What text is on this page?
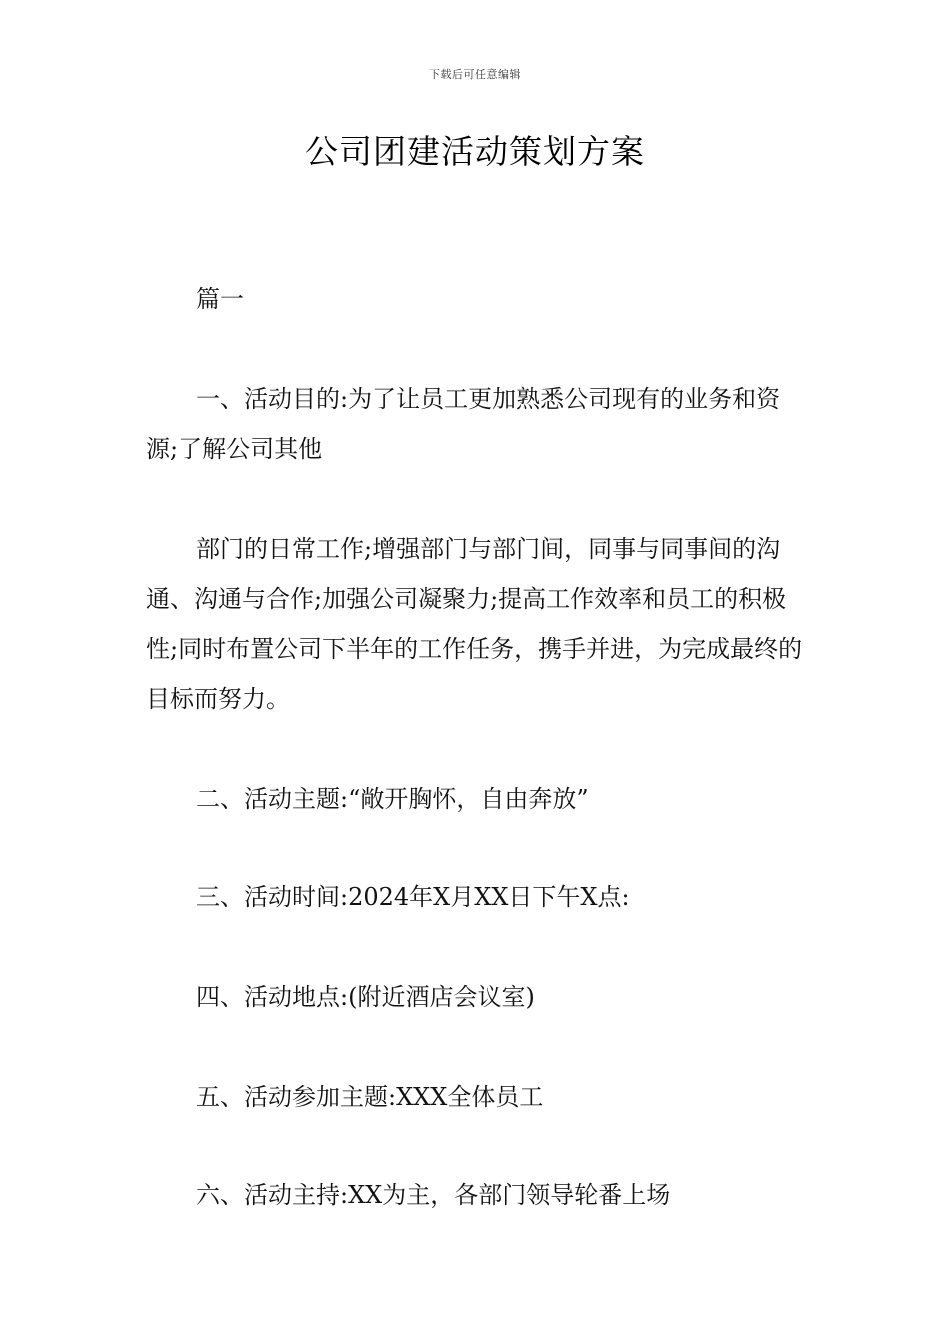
下载后可任意编辑
公司团建活动策划方案

篇一

一、活动目的:为了让员工更加熟悉公司现有的业务和资源;了解公司其他

部门的日常工作;增强部门与部门间，同事与同事间的沟通、沟通与合作;加强公司凝聚力;提高工作效率和员工的积极性;同时布置公司下半年的工作任务，携手并进，为完成最终的目标而努力。

二、活动主题:“敞开胸怀，自由奔放”

三、活动时间:2024年X月XX日下午X点:

四、活动地点:(附近酒店会议室)

五、活动参加主题:XXX全体员工

六、活动主持:XX为主，各部门领导轮番上场
